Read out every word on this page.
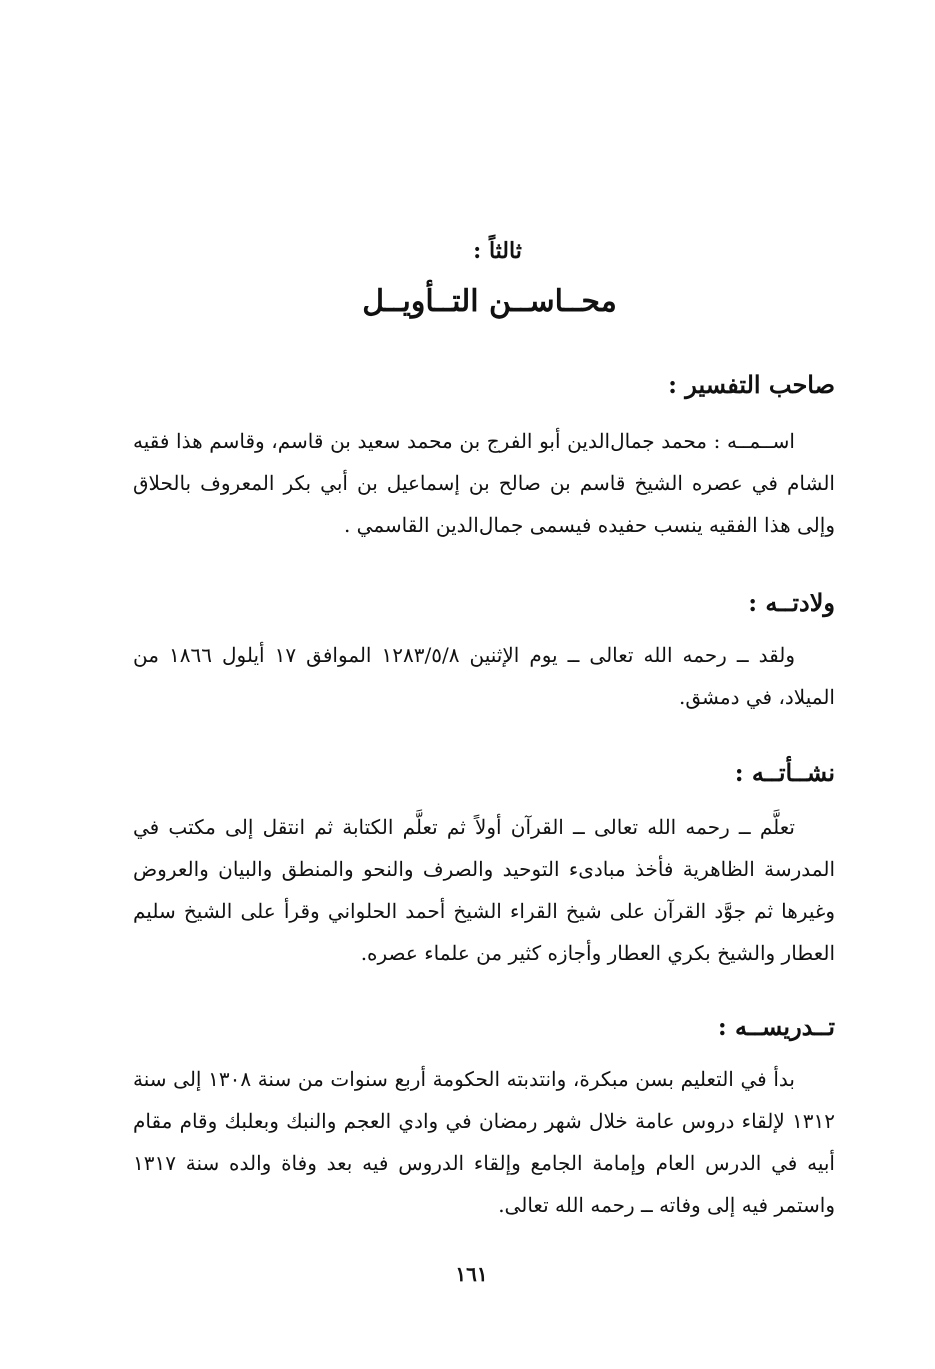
ثالثاً :
محــاســن التــأويــل
صاحب التفسير :

اســمــه : محمد جمال‌الدين أبو الفرج بن محمد سعيد بن قاسم، وقاسم هذا فقيه الشام في عصره الشيخ قاسم بن صالح بن إسماعيل بن أبي بكر المعروف بالحلاق وإلى هذا الفقيه ينسب حفيده فيسمى جمال‌الدين القاسمي .

ولادتــه :

ولقد ــ رحمه الله تعالى ــ يوم الإثنين ١٢٨٣/٥/٨ الموافق ١٧ أيلول ١٨٦٦ من الميلاد، في دمشق.

نشــأتــه :

تعلَّم ــ رحمه الله تعالى ــ القرآن أولاً ثم تعلَّم الكتابة ثم انتقل إلى مكتب في المدرسة الظاهرية فأخذ مبادىء التوحيد والصرف والنحو والمنطق والبيان والعروض وغيرها ثم جوَّد القرآن على شيخ القراء الشيخ أحمد الحلواني وقرأ على الشيخ سليم العطار والشيخ بكري العطار وأجازه كثير من علماء عصره.

تــدريســه :

بدأ في التعليم بسن مبكرة، وانتدبته الحكومة أربع سنوات من سنة ١٣٠٨ إلى سنة ١٣١٢ لإلقاء دروس عامة خلال شهر رمضان في وادي العجم والنبك وبعلبك وقام مقام أبيه في الدرس العام وإمامة الجامع وإلقاء الدروس فيه بعد وفاة والده سنة ١٣١٧ واستمر فيه إلى وفاته ــ رحمه الله تعالى.

١٦١
